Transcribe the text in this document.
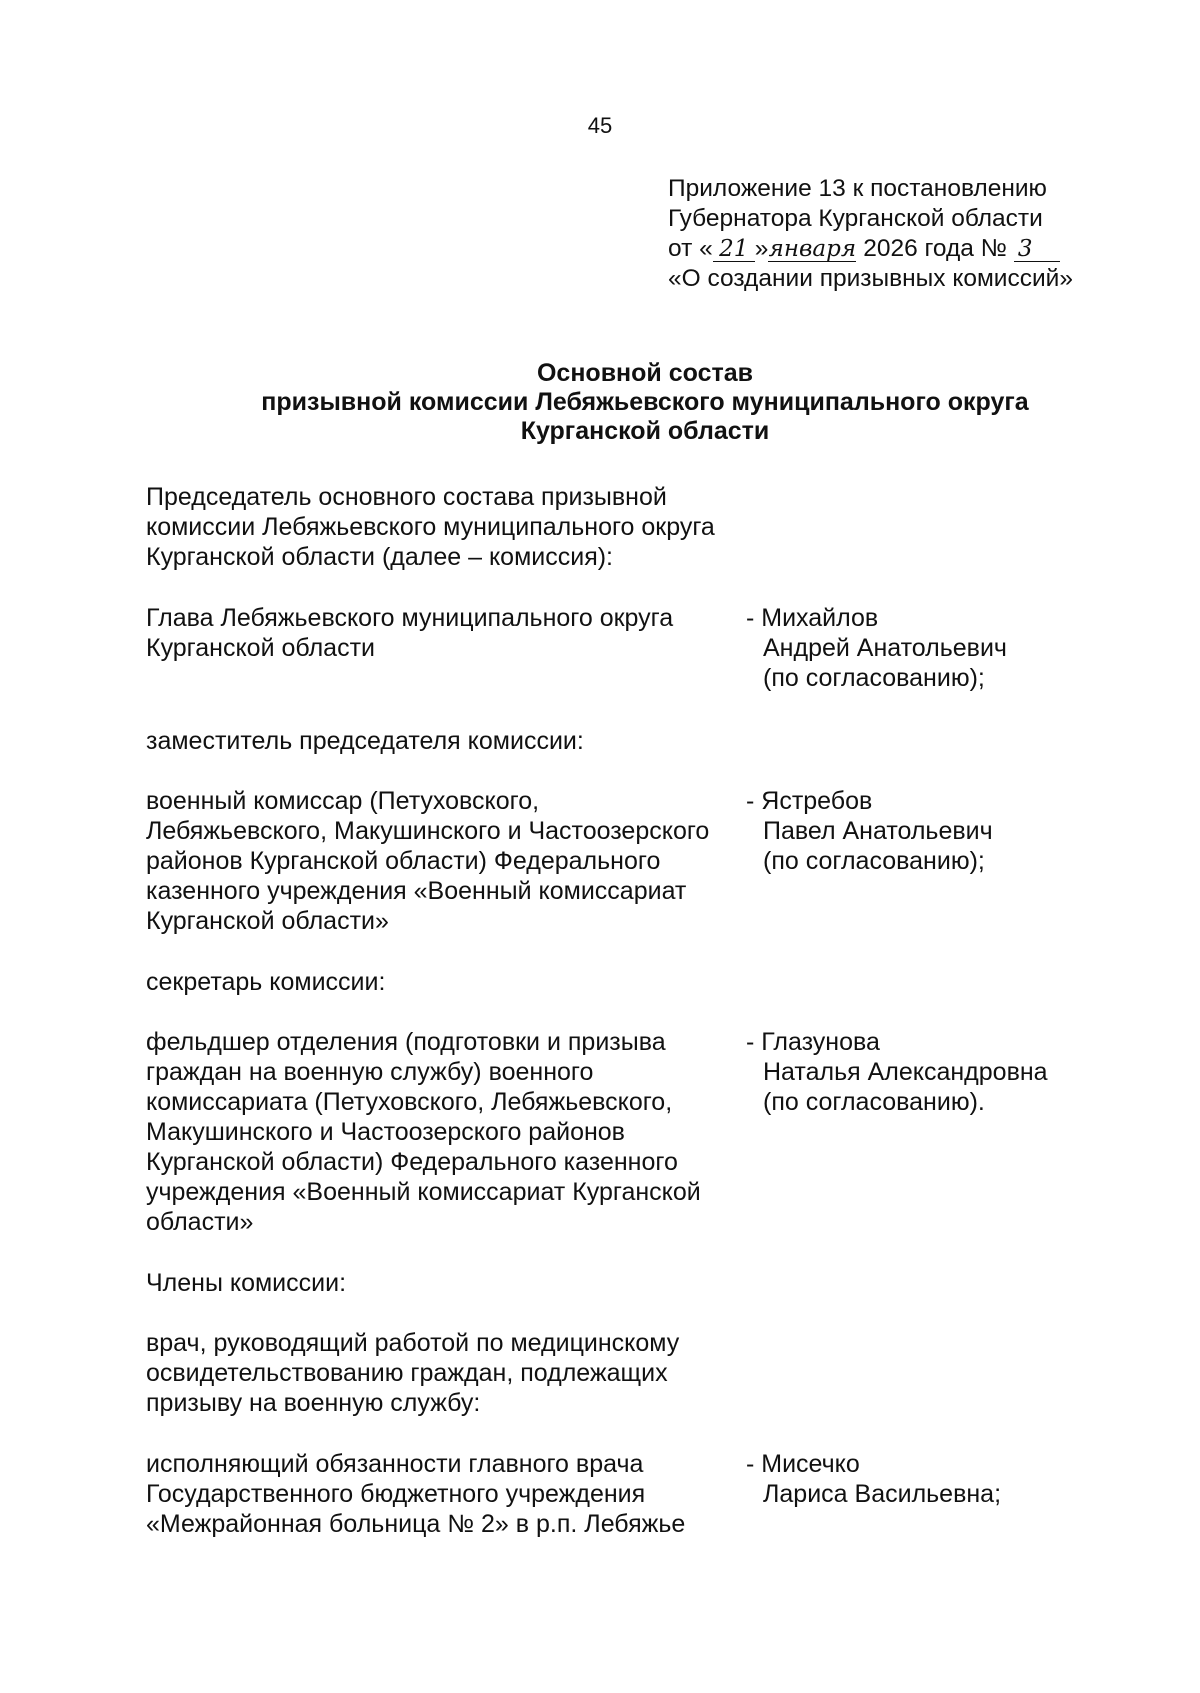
45
Приложение 13 к постановлению
Губернатора Курганской области
от « 21 »января 2026 года № 3
«О создании призывных комиссий»
Основной состав
призывной комиссии Лебяжьевского муниципального округа
Курганской области
Председатель основного состава призывной
комиссии Лебяжьевского муниципального округа
Курганской области (далее – комиссия):
Глава Лебяжьевского муниципального округа
Курганской области
- Михайлов
Андрей Анатольевич
(по согласованию);
заместитель председателя комиссии:
военный комиссар (Петуховского,
Лебяжьевского, Макушинского и Частоозерского
районов Курганской области) Федерального
казенного учреждения «Военный комиссариат
Курганской области»
- Ястребов
Павел Анатольевич
(по согласованию);
секретарь комиссии:
фельдшер отделения (подготовки и призыва
граждан на военную службу) военного
комиссариата (Петуховского, Лебяжьевского,
Макушинского и Частоозерского районов
Курганской области) Федерального казенного
учреждения «Военный комиссариат Курганской
области»
- Глазунова
Наталья Александровна
(по согласованию).
Члены комиссии:
врач, руководящий работой по медицинскому
освидетельствованию граждан, подлежащих
призыву на военную службу:
исполняющий обязанности главного врача
Государственного бюджетного учреждения
«Межрайонная больница № 2» в р.п. Лебяжье
- Мисечко
Лариса Васильевна;
